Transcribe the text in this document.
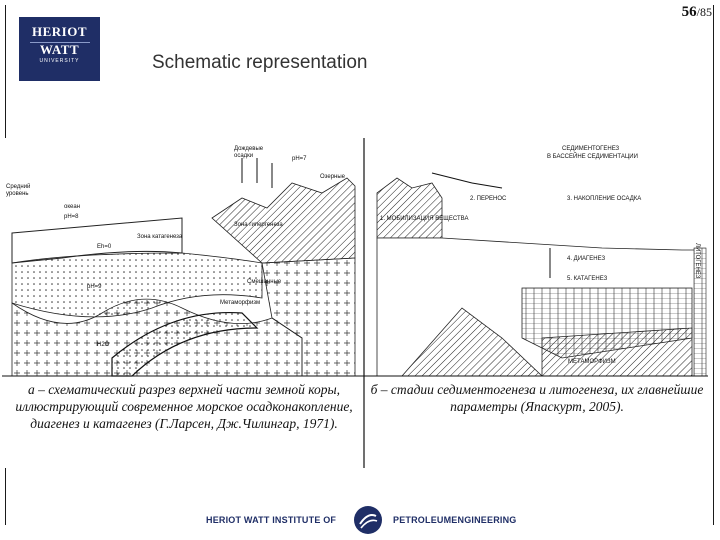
HERIOT
WATT
UNIVERSITY
56/85
Schematic representation
Средний
уровень
океан
pH=8
Eh=0
pH=9
H2O
Дождевые
осадки	pH=7
Озерные
Метаморфизм
Зона катагенеза
Зона гипергенеза
Смешанные
СЕДИМЕНТОГЕНЕЗ
В БАССЕЙНЕ СЕДИМЕНТАЦИИ
1. МОБИЛИЗАЦИЯ ВЕЩЕСТВА
2. ПЕРЕНОС	3. НАКОПЛЕНИЕ ОСАДКА
4. ДИАГЕНЕЗ
5. КАТАГЕНЕЗ
МЕТАМОРФИЗМ
ЛИТОГЕНЕЗ
а – схематический разрез верхней части земной коры, иллюстрирующий современное морское осадконакопление, диагенез и катагенез (Г.Ларсен, Дж.Чилингар, 1971).
б – стадии седиментогенеза и литогенеза, их главнейшие параметры (Япаскурт, 2005).
HERIOT WATT INSTITUTE OF	PETROLEUMENGINEERING
